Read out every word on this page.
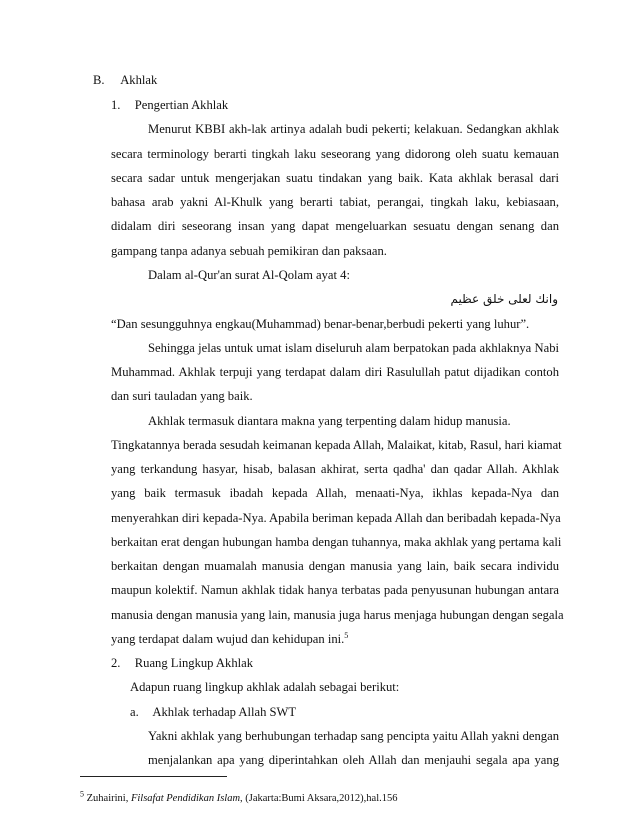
B. Akhlak
1. Pengertian Akhlak
Menurut KBBI akh-lak artinya adalah budi pekerti; kelakuan. Sedangkan akhlak
secara terminology berarti tingkah laku seseorang yang didorong oleh suatu kemauan
secara sadar untuk mengerjakan suatu tindakan yang baik. Kata akhlak berasal dari
bahasa arab yakni Al-Khulk yang berarti tabiat, perangai, tingkah laku, kebiasaan,
didalam diri seseorang insan yang dapat mengeluarkan sesuatu dengan senang dan
gampang tanpa adanya sebuah pemikiran dan paksaan.
Dalam al-Qur'an surat Al-Qolam ayat 4:
وانك لعلى خلق عظيم
“Dan sesungguhnya engkau(Muhammad) benar-benar,berbudi pekerti yang luhur”.
Sehingga jelas untuk umat islam diseluruh alam berpatokan pada akhlaknya Nabi
Muhammad. Akhlak terpuji yang terdapat dalam diri Rasulullah patut dijadikan contoh
dan suri tauladan yang baik.
Akhlak termasuk diantara makna yang terpenting dalam hidup manusia.
Tingkatannya berada sesudah keimanan kepada Allah, Malaikat, kitab, Rasul, hari kiamat
yang terkandung hasyar, hisab, balasan akhirat, serta qadha' dan qadar Allah. Akhlak
yang baik termasuk ibadah kepada Allah, menaati-Nya, ikhlas kepada-Nya dan
menyerahkan diri kepada-Nya. Apabila beriman kepada Allah dan beribadah kepada-Nya
berkaitan erat dengan hubungan hamba dengan tuhannya, maka akhlak yang pertama kali
berkaitan dengan muamalah manusia dengan manusia yang lain, baik secara individu
maupun kolektif. Namun akhlak tidak hanya terbatas pada penyusunan hubungan antara
manusia dengan manusia yang lain, manusia juga harus menjaga hubungan dengan segala
yang terdapat dalam wujud dan kehidupan ini.$^5$
2. Ruang Lingkup Akhlak
Adapun ruang lingkup akhlak adalah sebagai berikut:
a. Akhlak terhadap Allah SWT
Yakni akhlak yang berhubungan terhadap sang pencipta yaitu Allah yakni dengan
menjalankan apa yang diperintahkan oleh Allah dan menjauhi segala apa yang
$^5$ Zuhairini, Filsafat Pendidikan Islam, (Jakarta:Bumi Aksara,2012),hal.156
